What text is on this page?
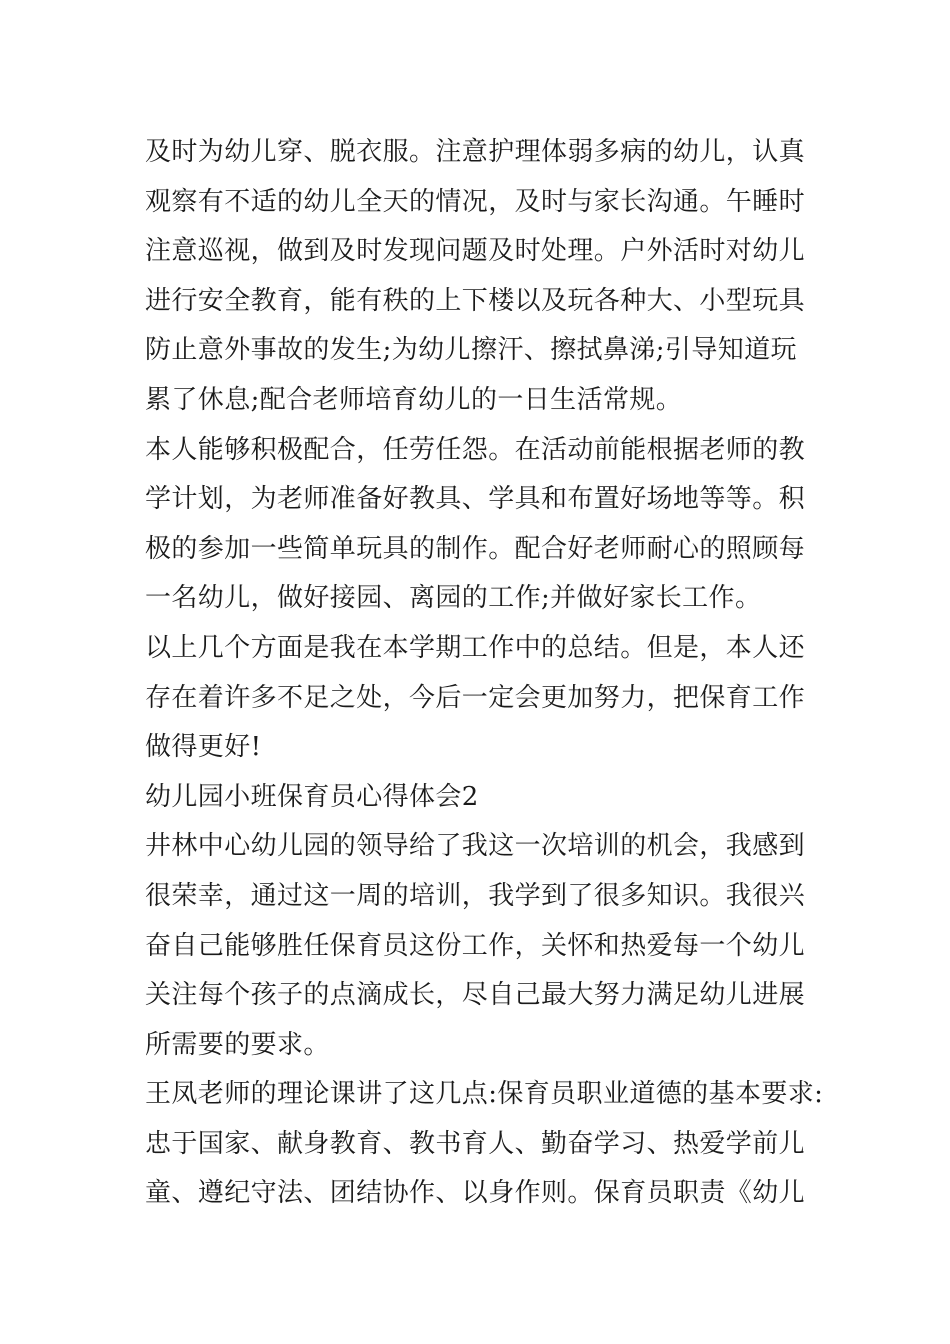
及时为幼儿穿、脱衣服。注意护理体弱多病的幼儿，认真
观察有不适的幼儿全天的情况，及时与家长沟通。午睡时
注意巡视，做到及时发现问题及时处理。户外活时对幼儿
进行安全教育，能有秩的上下楼以及玩各种大、小型玩具
防止意外事故的发生;为幼儿擦汗、擦拭鼻涕;引导知道玩
累了休息;配合老师培育幼儿的一日生活常规。
本人能够积极配合，任劳任怨。在活动前能根据老师的教
学计划，为老师准备好教具、学具和布置好场地等等。积
极的参加一些简单玩具的制作。配合好老师耐心的照顾每
一名幼儿，做好接园、离园的工作;并做好家长工作。
以上几个方面是我在本学期工作中的总结。但是，本人还
存在着许多不足之处，今后一定会更加努力，把保育工作
做得更好!
幼儿园小班保育员心得体会2
井林中心幼儿园的领导给了我这一次培训的机会，我感到
很荣幸，通过这一周的培训，我学到了很多知识。我很兴
奋自己能够胜任保育员这份工作，关怀和热爱每一个幼儿
关注每个孩子的点滴成长，尽自己最大努力满足幼儿进展
所需要的要求。
王凤老师的理论课讲了这几点:保育员职业道德的基本要求:
忠于国家、献身教育、教书育人、勤奋学习、热爱学前儿
童、遵纪守法、团结协作、以身作则。保育员职责《幼儿
